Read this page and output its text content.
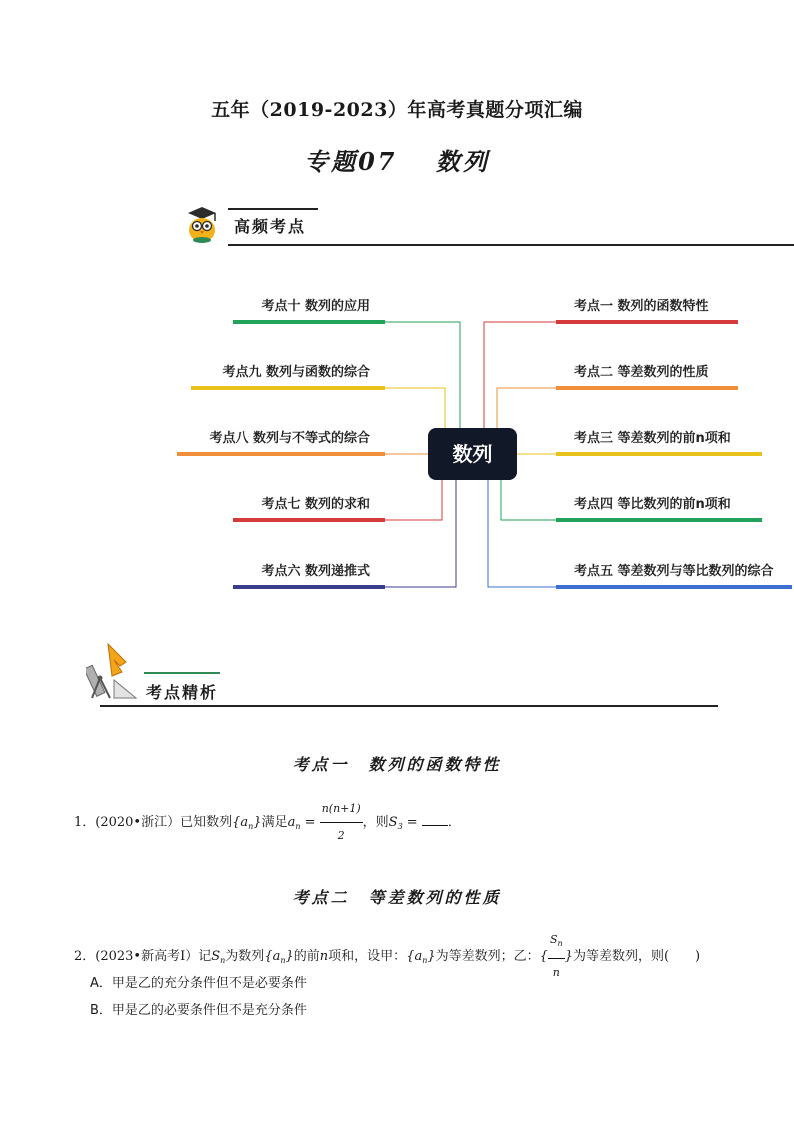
五年（2019-2023）年高考真题分项汇编
专题07　 数列
高频考点
数列
考点十 数列的应用
考点九 数列与函数的综合
考点八 数列与不等式的综合
考点七 数列的求和
考点六 数列递推式
考点一 数列的函数特性
考点二 等差数列的性质
考点三 等差数列的前n项和
考点四 等比数列的前n项和
考点五 等差数列与等比数列的综合
考点精析
考点一　数列的函数特性
1．(2020•浙江）已知数列$\{a_n\}$满足$a_n = \frac{n(n+1)}{2}$ ，则$S_3$ = ．
考点二　等差数列的性质
2．(2023•新高考Ⅰ）记$S_n$为数列$\{a_n\}$的前n项和，设甲：$\{a_n\}$为等差数列；乙：{ $\frac{S_n}{n}$ }为等差数列，则(　　)
A．甲是乙的充分条件但不是必要条件
B．甲是乙的必要条件但不是充分条件
